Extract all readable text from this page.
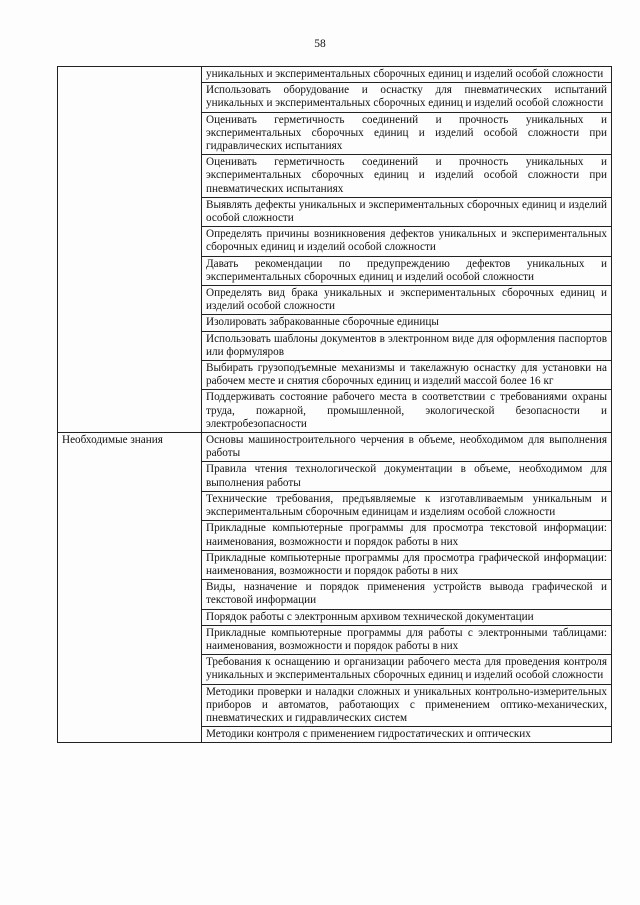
58
	уникальных и экспериментальных сборочных единиц и изделий особой сложности
	Использовать оборудование и оснастку для пневматических испытаний уникальных и экспериментальных сборочных единиц и изделий особой сложности
	Оценивать герметичность соединений и прочность уникальных и экспериментальных сборочных единиц и изделий особой сложности при гидравлических испытаниях
	Оценивать герметичность соединений и прочность уникальных и экспериментальных сборочных единиц и изделий особой сложности при пневматических испытаниях
	Выявлять дефекты уникальных и экспериментальных сборочных единиц и изделий особой сложности
	Определять причины возникновения дефектов уникальных и экспериментальных сборочных единиц и изделий особой сложности
	Давать рекомендации по предупреждению дефектов уникальных и экспериментальных сборочных единиц и изделий особой сложности
	Определять вид брака уникальных и экспериментальных сборочных единиц и изделий особой сложности
	Изолировать забракованные сборочные единицы
	Использовать шаблоны документов в электронном виде для оформления паспортов или формуляров
	Выбирать грузоподъемные механизмы и такелажную оснастку для установки на рабочем месте и снятия сборочных единиц и изделий массой более 16 кг
	Поддерживать состояние рабочего места в соответствии с требованиями охраны труда, пожарной, промышленной, экологической безопасности и электробезопасности
Необходимые знания	Основы машиностроительного черчения в объеме, необходимом для выполнения работы
	Правила чтения технологической документации в объеме, необходимом для выполнения работы
	Технические требования, предъявляемые к изготавливаемым уникальным и экспериментальным сборочным единицам и изделиям особой сложности
	Прикладные компьютерные программы для просмотра текстовой информации: наименования, возможности и порядок работы в них
	Прикладные компьютерные программы для просмотра графической информации: наименования, возможности и порядок работы в них
	Виды, назначение и порядок применения устройств вывода графической и текстовой информации
	Порядок работы с электронным архивом технической документации
	Прикладные компьютерные программы для работы с электронными таблицами: наименования, возможности и порядок работы в них
	Требования к оснащению и организации рабочего места для проведения контроля уникальных и экспериментальных сборочных единиц и изделий особой сложности
	Методики проверки и наладки сложных и уникальных контрольно-измерительных приборов и автоматов, работающих с применением оптико-механических, пневматических и гидравлических систем
	Методики контроля с применением гидростатических и оптических
